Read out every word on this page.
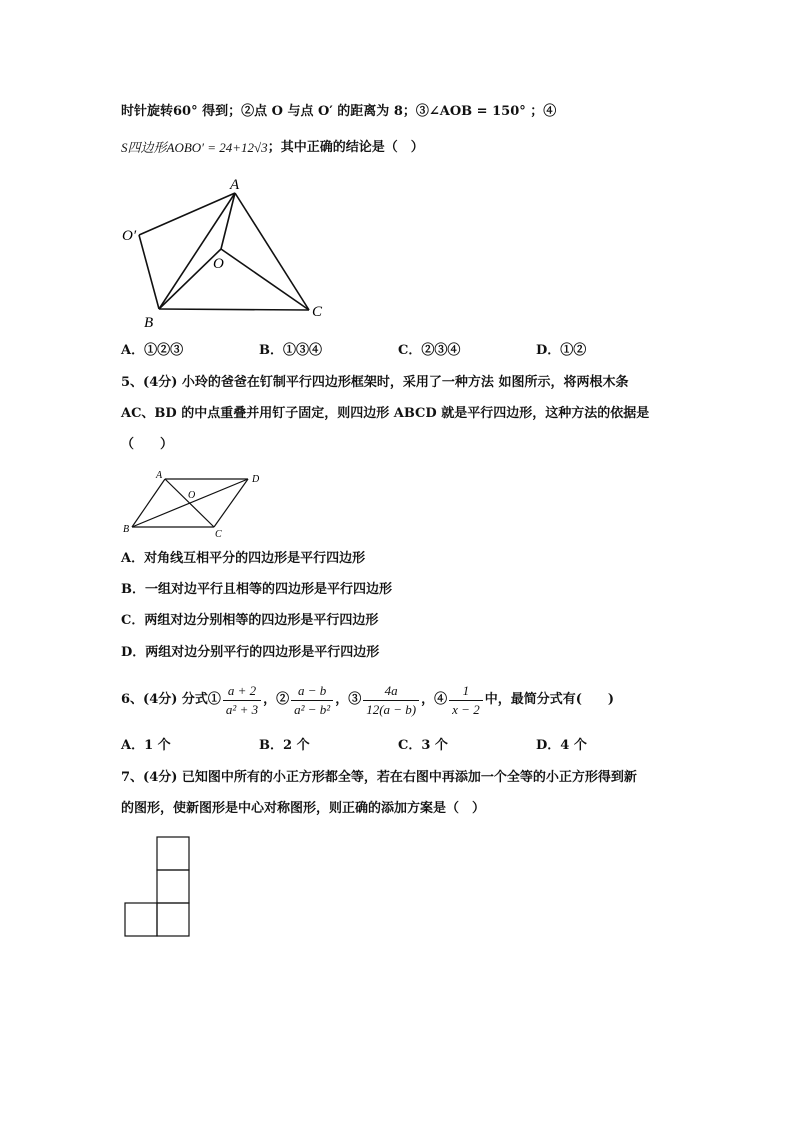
时针旋转60° 得到；②点 O 与点 O′ 的距离为 8；③∠AOB = 150° ；④
S四边形AOBO′ = 24+12√3 ；其中正确的结论是（　）
A
O′
O
B
C
A．①②③	B．①③④	C．②③④	D．①②
5、(4分) 小玲的爸爸在钉制平行四边形框架时，采用了一种方法 如图所示，将两根木条
AC、BD 的中点重叠并用钉子固定，则四边形 ABCD 就是平行四边形，这种方法的依据是
（　　）
A	D
O
B	C
A．对角线互相平分的四边形是平行四边形
B．一组对边平行且相等的四边形是平行四边形
C．两组对边分别相等的四边形是平行四边形
D．两组对边分别平行的四边形是平行四边形
6、(4分) 分式① $\frac{a + 2}{\text{a² + 3}}$ ，② $\frac{a - b}{\text{a² − b²}}$ ，③ $\frac{4a}{12(a - b)}$ ，④ $\frac{1}{x - 2}$ 中，最简分式有(　　)
A．1 个	B．2 个	C．3 个	D．4 个
7、(4分) 已知图中所有的小正方形都全等，若在右图中再添加一个全等的小正方形得到新
的图形，使新图形是中心对称图形，则正确的添加方案是（　）
